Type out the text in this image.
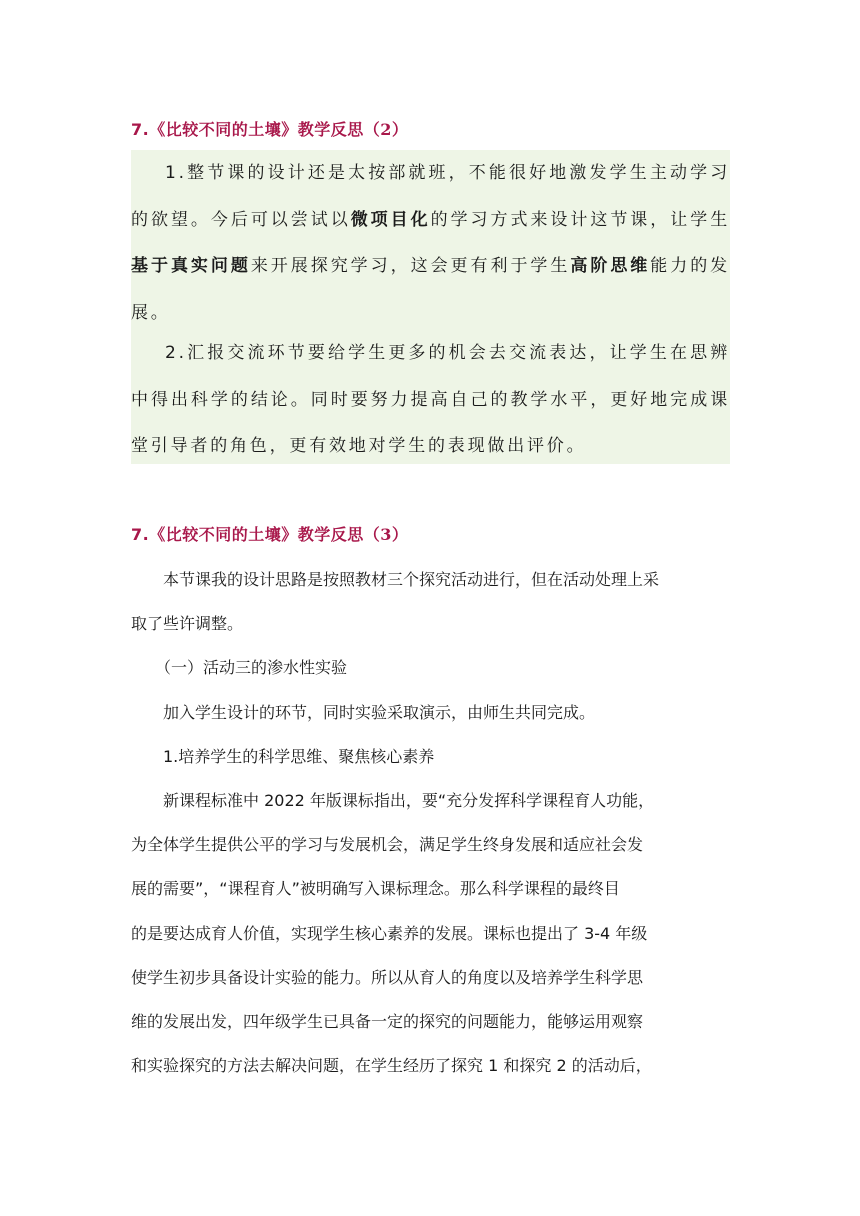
7.《比较不同的土壤》教学反思（2）

1.整节课的设计还是太按部就班，不能很好地激发学生主动学习的欲望。今后可以尝试以微项目化的学习方式来设计这节课，让学生基于真实问题来开展探究学习，这会更有利于学生高阶思维能力的发展。

2.汇报交流环节要给学生更多的机会去交流表达，让学生在思辨中得出科学的结论。同时要努力提高自己的教学水平，更好地完成课堂引导者的角色，更有效地对学生的表现做出评价。

7.《比较不同的土壤》教学反思（3）
本节课我的设计思路是按照教材三个探究活动进行，但在活动处理上采
取了些许调整。
（一）活动三的渗水性实验
加入学生设计的环节，同时实验采取演示，由师生共同完成。
1.培养学生的科学思维、聚焦核心素养
新课程标准中 2022 年版课标指出，要“充分发挥科学课程育人功能，
为全体学生提供公平的学习与发展机会，满足学生终身发展和适应社会发
展的需要”，“课程育人”被明确写入课标理念。那么科学课程的最终目
的是要达成育人价值，实现学生核心素养的发展。课标也提出了 3-4 年级
使学生初步具备设计实验的能力。所以从育人的角度以及培养学生科学思
维的发展出发，四年级学生已具备一定的探究的问题能力，能够运用观察
和实验探究的方法去解决问题，在学生经历了探究 1 和探究 2 的活动后，
